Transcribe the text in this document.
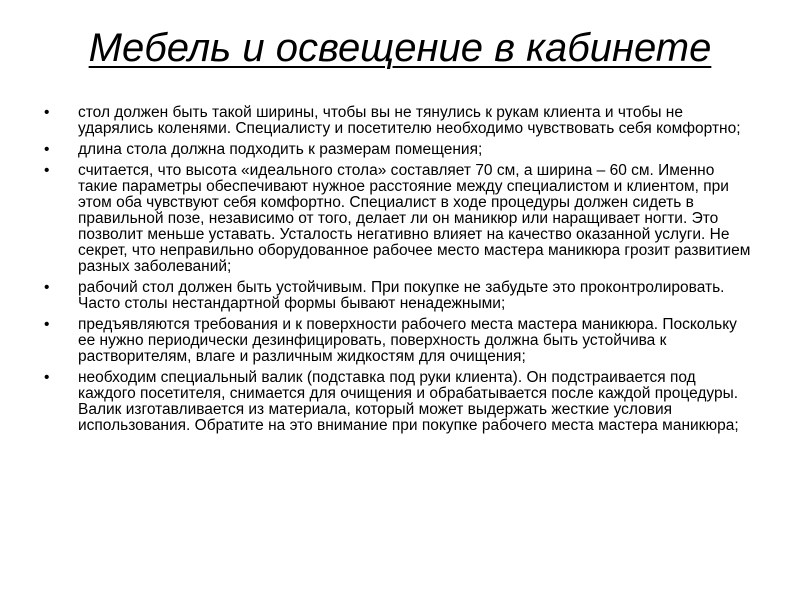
Мебель и освещение в кабинете
•	стол должен быть такой ширины, чтобы вы не тянулись к рукам клиента и чтобы не ударялись коленями. Специалисту и посетителю необходимо чувствовать себя комфортно;
•	длина стола должна подходить к размерам помещения;
•	считается, что высота «идеального стола» составляет 70 см, а ширина – 60 см. Именно такие параметры обеспечивают нужное расстояние между специалистом и клиентом, при этом оба чувствуют себя комфортно. Специалист в ходе процедуры должен сидеть в правильной позе, независимо от того, делает ли он маникюр или наращивает ногти. Это позволит меньше уставать. Усталость негативно влияет на качество оказанной услуги. Не секрет, что неправильно оборудованное рабочее место мастера маникюра грозит развитием разных заболеваний;
•	рабочий стол должен быть устойчивым. При покупке не забудьте это проконтролировать. Часто столы нестандартной формы бывают ненадежными;
•	предъявляются требования и к поверхности рабочего места мастера маникюра. Поскольку ее нужно периодически дезинфицировать, поверхность должна быть устойчива к растворителям, влаге и различным жидкостям для очищения;
•	необходим специальный валик (подставка под руки клиента). Он подстраивается под каждого посетителя, снимается для очищения и обрабатывается после каждой процедуры. Валик изготавливается из материала, который может выдержать жесткие условия использования. Обратите на это внимание при покупке рабочего места мастера маникюра;
